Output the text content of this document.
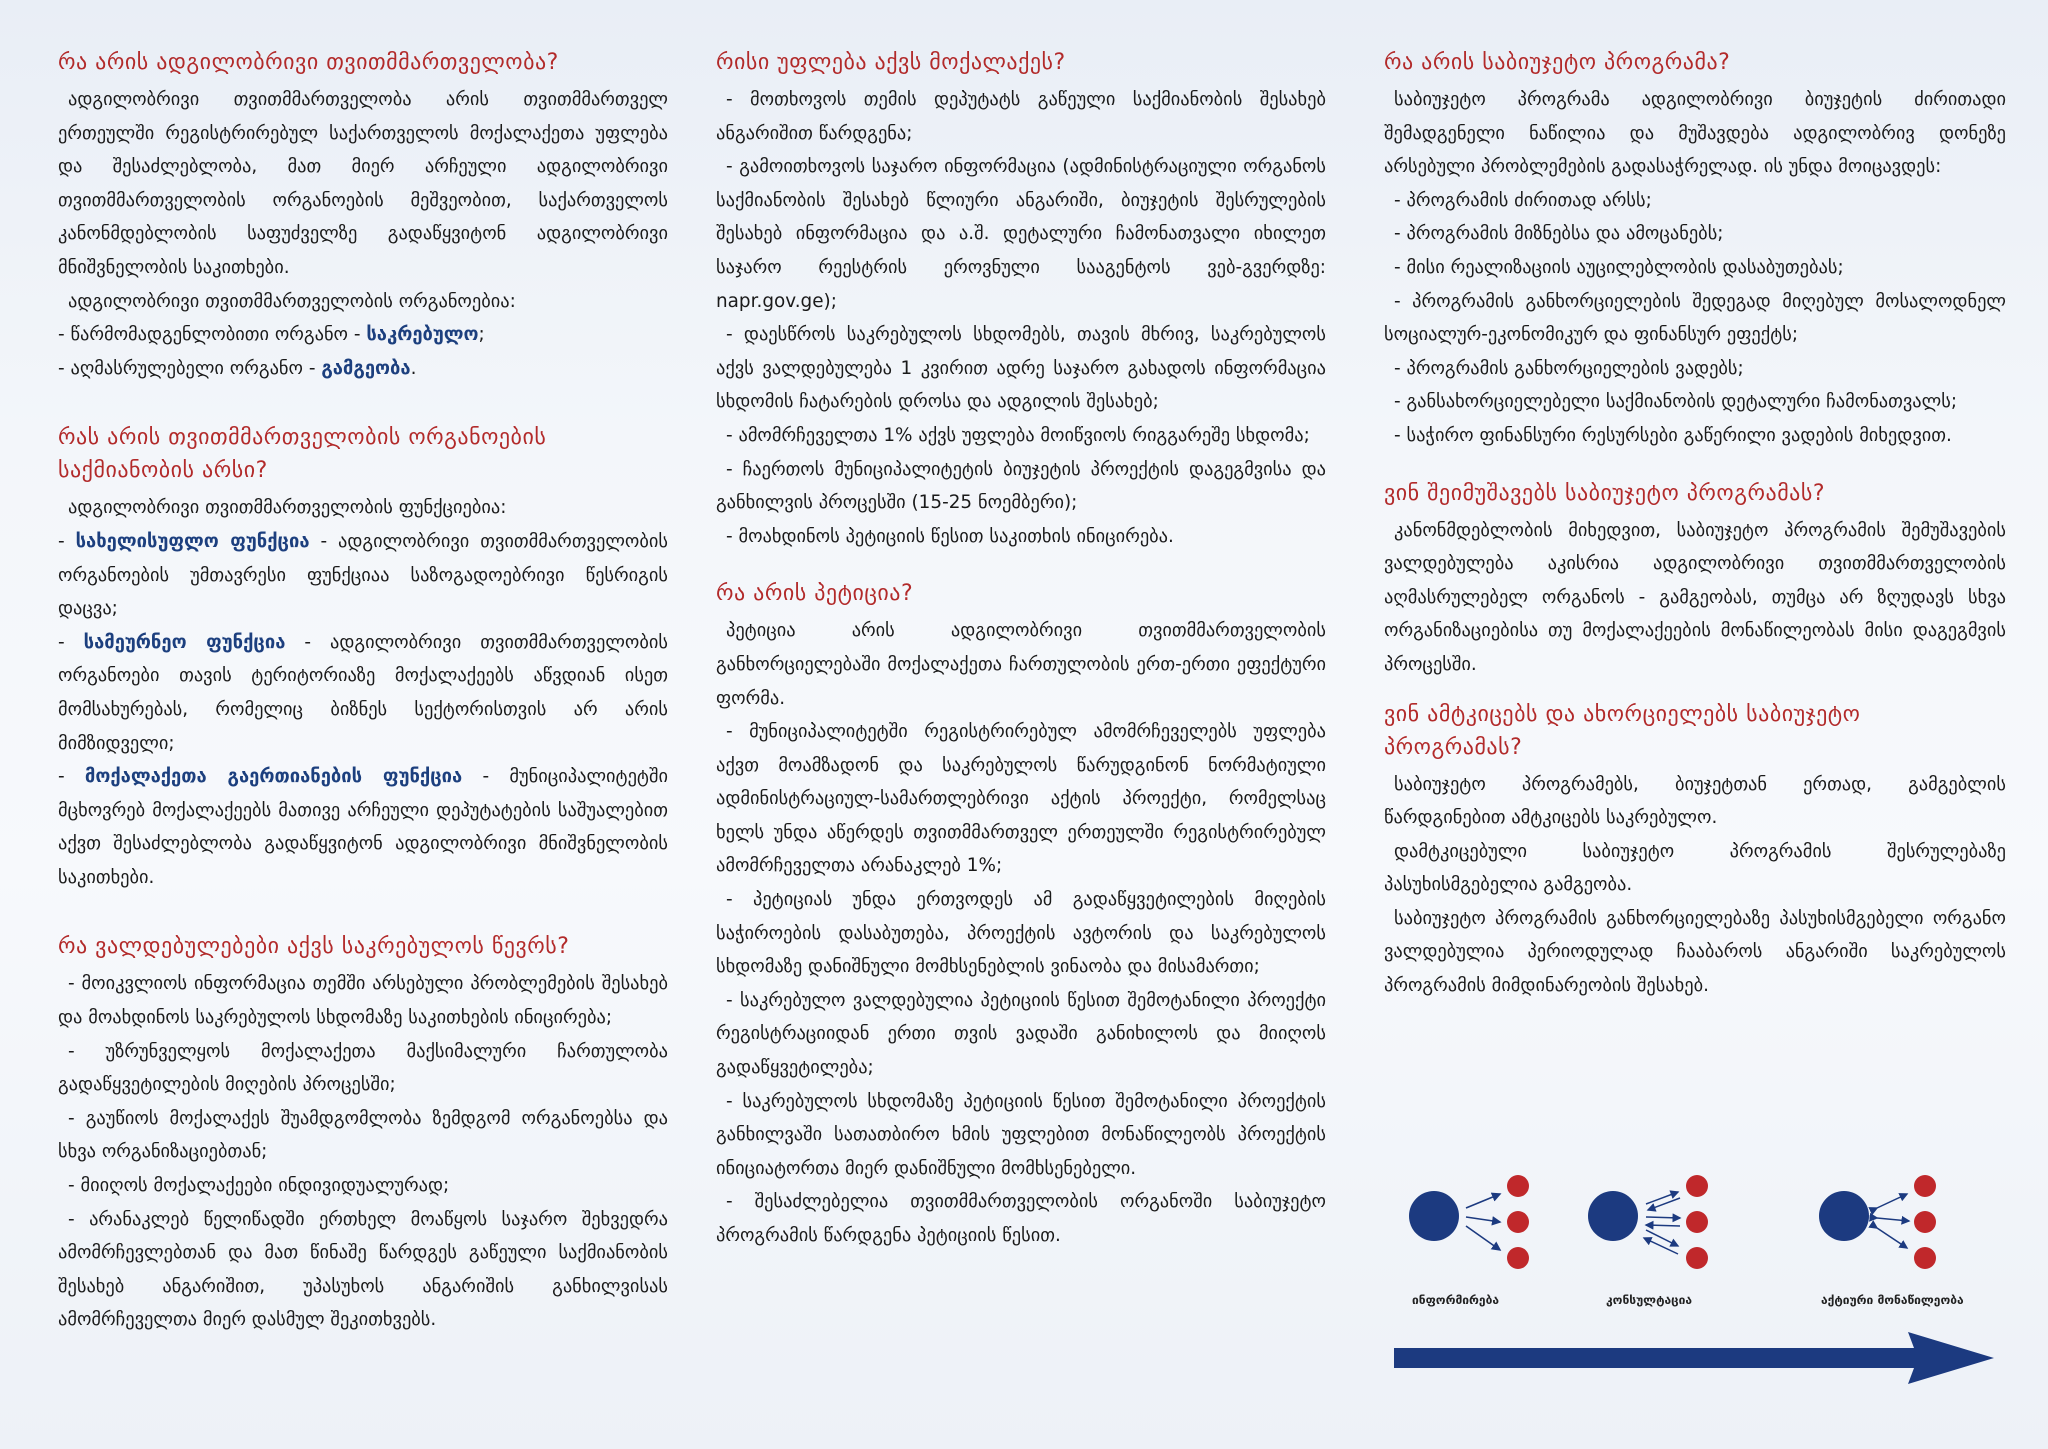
რა არის ადგილობრივი თვითმმართველობა?

ადგილობრივი თვითმმართველობა არის თვითმმართველ ერთეულში რეგისტრირებულ საქართველოს მოქალაქეთა უფლება და შესაძლებლობა, მათ მიერ არჩეული ადგილობრივი თვითმმართველობის ორგანოების მეშვეობით, საქართველოს კანონმდებლობის საფუძველზე გადაწყვიტონ ადგილობრივი მნიშვნელობის საკითხები.

ადგილობრივი თვითმმართველობის ორგანოებია:

- წარმომადგენლობითი ორგანო - საკრებულო;

- აღმასრულებელი ორგანო - გამგეობა.

რას არის თვითმმართველობის ორგანოების საქმიანობის არსი?

ადგილობრივი თვითმმართველობის ფუნქციებია:

- სახელისუფლო ფუნქცია - ადგილობრივი თვითმმართველობის ორგანოების უმთავრესი ფუნქციაა საზოგადოებრივი წესრიგის დაცვა;

- სამეურნეო ფუნქცია - ადგილობრივი თვითმმართველობის ორგანოები თავის ტერიტორიაზე მოქალაქეებს აწვდიან ისეთ მომსახურებას, რომელიც ბიზნეს სექტორისთვის არ არის მიმზიდველი;

- მოქალაქეთა გაერთიანების ფუნქცია - მუნიციპალიტეტში მცხოვრებ მოქალაქეებს მათივე არჩეული დეპუტატების საშუალებით აქვთ შესაძლებლობა გადაწყვიტონ ადგილობრივი მნიშვნელობის საკითხები.

რა ვალდებულებები აქვს საკრებულოს წევრს?

- მოიკვლიოს ინფორმაცია თემში არსებული პრობლემების შესახებ და მოახდინოს საკრებულოს სხდომაზე საკითხების ინიცირება;

- უზრუნველყოს მოქალაქეთა მაქსიმალური ჩართულობა გადაწყვეტილების მიღების პროცესში;

- გაუწიოს მოქალაქეს შუამდგომლობა ზემდგომ ორგანოებსა და სხვა ორგანიზაციებთან;

- მიიღოს მოქალაქეები ინდივიდუალურად;

- არანაკლებ წელიწადში ერთხელ მოაწყოს საჯარო შეხვედრა ამომრჩევლებთან და მათ წინაშე წარდგეს გაწეული საქმიანობის შესახებ ანგარიშით, უპასუხოს ანგარიშის განხილვისას ამომრჩეველთა მიერ დასმულ შეკითხვებს.

რისი უფლება აქვს მოქალაქეს?

- მოთხოვოს თემის დეპუტატს გაწეული საქმიანობის შესახებ ანგარიშით წარდგენა;

- გამოითხოვოს საჯარო ინფორმაცია (ადმინისტრაციული ორგანოს საქმიანობის შესახებ წლიური ანგარიში, ბიუჯეტის შესრულების შესახებ ინფორმაცია და ა.შ. დეტალური ჩამონათვალი იხილეთ საჯარო რეესტრის ეროვნული სააგენტოს ვებ-გვერდზე: napr.gov.ge);

- დაესწროს საკრებულოს სხდომებს, თავის მხრივ, საკრებულოს აქვს ვალდებულება 1 კვირით ადრე საჯარო გახადოს ინფორმაცია სხდომის ჩატარების დროსა და ადგილის შესახებ;

- ამომრჩეველთა 1% აქვს უფლება მოიწვიოს რიგგარეშე სხდომა;

- ჩაერთოს მუნიციპალიტეტის ბიუჯეტის პროექტის დაგეგმვისა და განხილვის პროცესში (15-25 ნოემბერი);

- მოახდინოს პეტიციის წესით საკითხის ინიცირება.

რა არის პეტიცია?

პეტიცია არის ადგილობრივი თვითმმართველობის განხორციელებაში მოქალაქეთა ჩართულობის ერთ-ერთი ეფექტური ფორმა.

- მუნიციპალიტეტში რეგისტრირებულ ამომრჩეველებს უფლება აქვთ მოამზადონ და საკრებულოს წარუდგინონ ნორმატიული ადმინისტრაციულ-სამართლებრივი აქტის პროექტი, რომელსაც ხელს უნდა აწერდეს თვითმმართველ ერთეულში რეგისტრირებულ ამომრჩეველთა არანაკლებ 1%;

- პეტიციას უნდა ერთვოდეს ამ გადაწყვეტილების მიღების საჭიროების დასაბუთება, პროექტის ავტორის და საკრებულოს სხდომაზე დანიშნული მომხსენებლის ვინაობა და მისამართი;

- საკრებულო ვალდებულია პეტიციის წესით შემოტანილი პროექტი რეგისტრაციიდან ერთი თვის ვადაში განიხილოს და მიიღოს გადაწყვეტილება;

- საკრებულოს სხდომაზე პეტიციის წესით შემოტანილი პროექტის განხილვაში სათათბირო ხმის უფლებით მონაწილეობს პროექტის ინიციატორთა მიერ დანიშნული მომხსენებელი.

- შესაძლებელია თვითმმართველობის ორგანოში საბიუჯეტო პროგრამის წარდგენა პეტიციის წესით.

რა არის საბიუჯეტო პროგრამა?

საბიუჯეტო პროგრამა ადგილობრივი ბიუჯეტის ძირითადი შემადგენელი ნაწილია და მუშავდება ადგილობრივ დონეზე არსებული პრობლემების გადასაჭრელად. ის უნდა მოიცავდეს:

- პროგრამის ძირითად არსს;

- პროგრამის მიზნებსა და ამოცანებს;

- მისი რეალიზაციის აუცილებლობის დასაბუთებას;

- პროგრამის განხორციელების შედეგად მიღებულ მოსალოდნელ სოციალურ-ეკონომიკურ და ფინანსურ ეფექტს;

- პროგრამის განხორციელების ვადებს;

- განსახორციელებელი საქმიანობის დეტალური ჩამონათვალს;

- საჭირო ფინანსური რესურსები გაწერილი ვადების მიხედვით.

ვინ შეიმუშავებს საბიუჯეტო პროგრამას?

კანონმდებლობის მიხედვით, საბიუჯეტო პროგრამის შემუშავების ვალდებულება აკისრია ადგილობრივი თვითმმართველობის აღმასრულებელ ორგანოს - გამგეობას, თუმცა არ ზღუდავს სხვა ორგანიზაციებისა თუ მოქალაქეების მონაწილეობას მისი დაგეგმვის პროცესში.

ვინ ამტკიცებს და ახორციელებს საბიუჯეტო პროგრამას?

საბიუჯეტო პროგრამებს, ბიუჯეტთან ერთად, გამგებლის წარდგინებით ამტკიცებს საკრებულო.

დამტკიცებული საბიუჯეტო პროგრამის შესრულებაზე პასუხისმგებელია გამგეობა.

საბიუჯეტო პროგრამის განხორციელებაზე პასუხისმგებელი ორგანო ვალდებულია პერიოდულად ჩააბაროს ანგარიში საკრებულოს პროგრამის მიმდინარეობის შესახებ.

ინფორმირება	კონსულტაცია	აქტიური მონაწილეობა
